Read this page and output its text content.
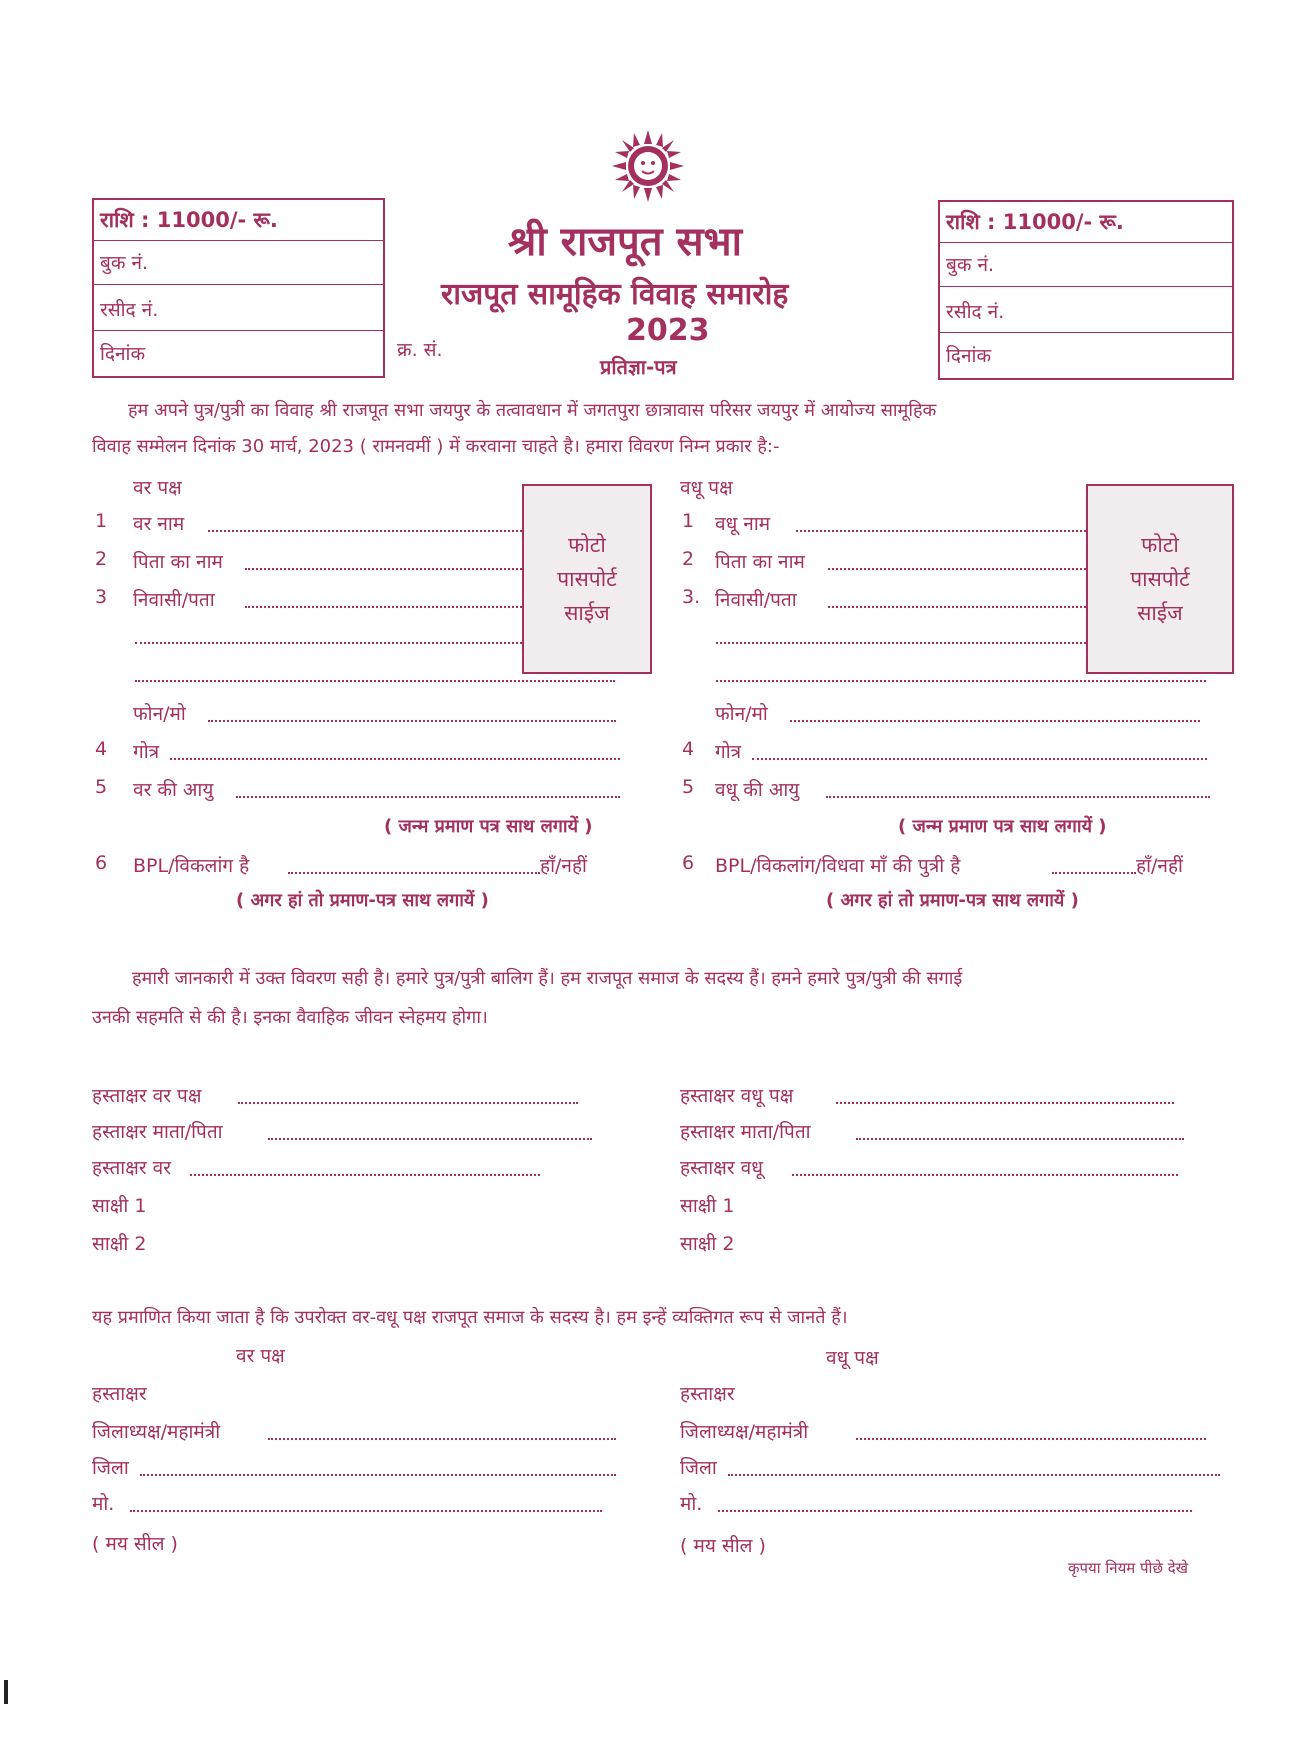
राशि : 11000/- रू.
बुक नं.
रसीद नं.
दिनांक
राशि : 11000/- रू.
बुक नं.
रसीद नं.
दिनांक
श्री राजपूत सभा
राजपूत सामूहिक विवाह समारोह
2023
क्र. सं.
प्रतिज्ञा-पत्र
हम अपने पुत्र/पुत्री का विवाह श्री राजपूत सभा जयपुर के तत्वावधान में जगतपुरा छात्रावास परिसर जयपुर में आयोज्य सामूहिक
विवाह सम्मेलन दिनांक 30 मार्च, 2023 ( रामनवमीं ) में करवाना चाहते है। हमारा विवरण निम्न प्रकार है:-
वर पक्ष
1 वर नाम
2 पिता का नाम
3 निवासी/पता
फोन/मो
4 गोत्र
5 वर की आयु
( जन्म प्रमाण पत्र साथ लगायें )
6 BPL/विकलांग है	हाँ/नहीं
( अगर हां तो प्रमाण-पत्र साथ लगायें )
फोटो
पासपोर्ट
साईज
वधू पक्ष
1 वधू नाम
2 पिता का नाम
3. निवासी/पता
फोन/मो
4 गोत्र
5 वधू की आयु
( जन्म प्रमाण पत्र साथ लगायें )
6 BPL/विकलांग/विधवा माँ की पुत्री है	हाँ/नहीं
( अगर हां तो प्रमाण-पत्र साथ लगायें )
फोटो
पासपोर्ट
साईज
हमारी जानकारी में उक्त विवरण सही है। हमारे पुत्र/पुत्री बालिग हैं। हम राजपूत समाज के सदस्य हैं। हमने हमारे पुत्र/पुत्री की सगाई
उनकी सहमति से की है। इनका वैवाहिक जीवन स्नेहमय होगा।
हस्ताक्षर वर पक्ष
हस्ताक्षर माता/पिता
हस्ताक्षर वर
साक्षी 1
साक्षी 2
हस्ताक्षर वधू पक्ष
हस्ताक्षर माता/पिता
हस्ताक्षर वधू
साक्षी 1
साक्षी 2
यह प्रमाणित किया जाता है कि उपरोक्त वर-वधू पक्ष राजपूत समाज के सदस्य है। हम इन्हें व्यक्तिगत रूप से जानते हैं।
वर पक्ष	वधू पक्ष
हस्ताक्षर
जिलाध्यक्ष/महामंत्री
जिला
मो.
( मय सील )
हस्ताक्षर
जिलाध्यक्ष/महामंत्री
जिला
मो.
( मय सील )
कृपया नियम पीछे देखे
